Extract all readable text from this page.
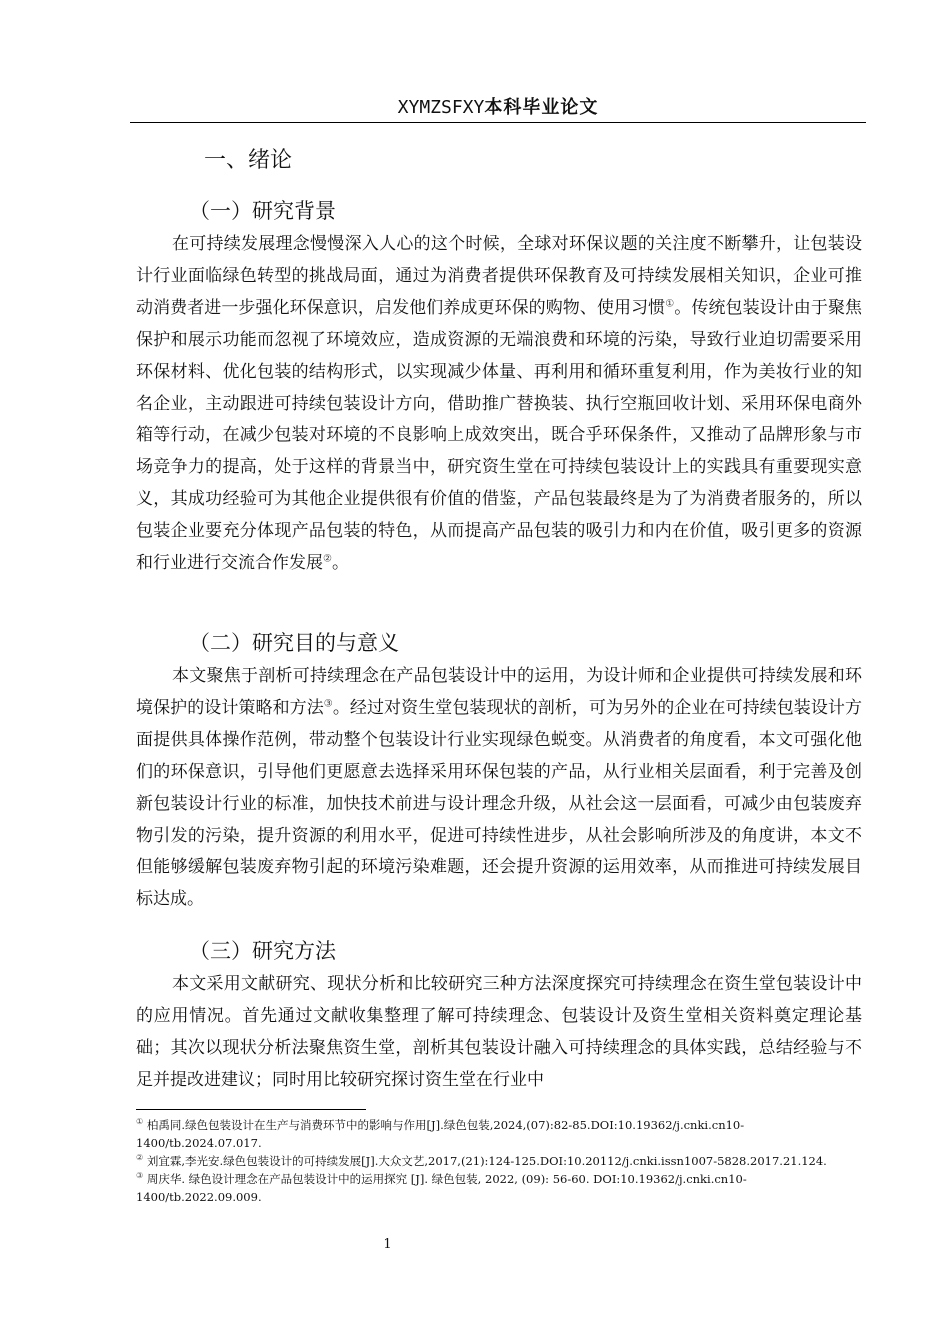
XYMZSFXY本科毕业论文
一、绪论
（一）研究背景

在可持续发展理念慢慢深入人心的这个时候，全球对环保议题的关注度不断攀升，让包装设计行业面临绿色转型的挑战局面，通过为消费者提供环保教育及可持续发展相关知识，企业可推动消费者进一步强化环保意识，启发他们养成更环保的购物、使用习惯①。传统包装设计由于聚焦保护和展示功能而忽视了环境效应，造成资源的无端浪费和环境的污染，导致行业迫切需要采用环保材料、优化包装的结构形式，以实现减少体量、再利用和循环重复利用，作为美妆行业的知名企业，主动跟进可持续包装设计方向，借助推广替换装、执行空瓶回收计划、采用环保电商外箱等行动，在减少包装对环境的不良影响上成效突出，既合乎环保条件，又推动了品牌形象与市场竞争力的提高，处于这样的背景当中，研究资生堂在可持续包装设计上的实践具有重要现实意义，其成功经验可为其他企业提供很有价值的借鉴，产品包装最终是为了为消费者服务的，所以包装企业要充分体现产品包装的特色，从而提高产品包装的吸引力和内在价值，吸引更多的资源和行业进行交流合作发展②。

（二）研究目的与意义

本文聚焦于剖析可持续理念在产品包装设计中的运用，为设计师和企业提供可持续发展和环境保护的设计策略和方法③。经过对资生堂包装现状的剖析，可为另外的企业在可持续包装设计方面提供具体操作范例，带动整个包装设计行业实现绿色蜕变。从消费者的角度看，本文可强化他们的环保意识，引导他们更愿意去选择采用环保包装的产品，从行业相关层面看，利于完善及创新包装设计行业的标准，加快技术前进与设计理念升级，从社会这一层面看，可减少由包装废弃物引发的污染，提升资源的利用水平，促进可持续性进步，从社会影响所涉及的角度讲，本文不但能够缓解包装废弃物引起的环境污染难题，还会提升资源的运用效率，从而推进可持续发展目标达成。

（三）研究方法

本文采用文献研究、现状分析和比较研究三种方法深度探究可持续理念在资生堂包装设计中的应用情况。首先通过文献收集整理了解可持续理念、包装设计及资生堂相关资料奠定理论基础；其次以现状分析法聚焦资生堂，剖析其包装设计融入可持续理念的具体实践，总结经验与不足并提改进建议；同时用比较研究探讨资生堂在行业中

① 柏禹同.绿色包装设计在生产与消费环节中的影响与作用[J].绿色包装,2024,(07):82-85.DOI:10.19362/j.cnki.cn10-1400/tb.2024.07.017.

② 刘宜霖,李光安.绿色包装设计的可持续发展[J].大众文艺,2017,(21):124-125.DOI:10.20112/j.cnki.issn1007-5828.2017.21.124.

③ 周庆华. 绿色设计理念在产品包装设计中的运用探究 [J]. 绿色包装, 2022, (09): 56-60. DOI:10.19362/j.cnki.cn10-1400/tb.2022.09.009.

1
